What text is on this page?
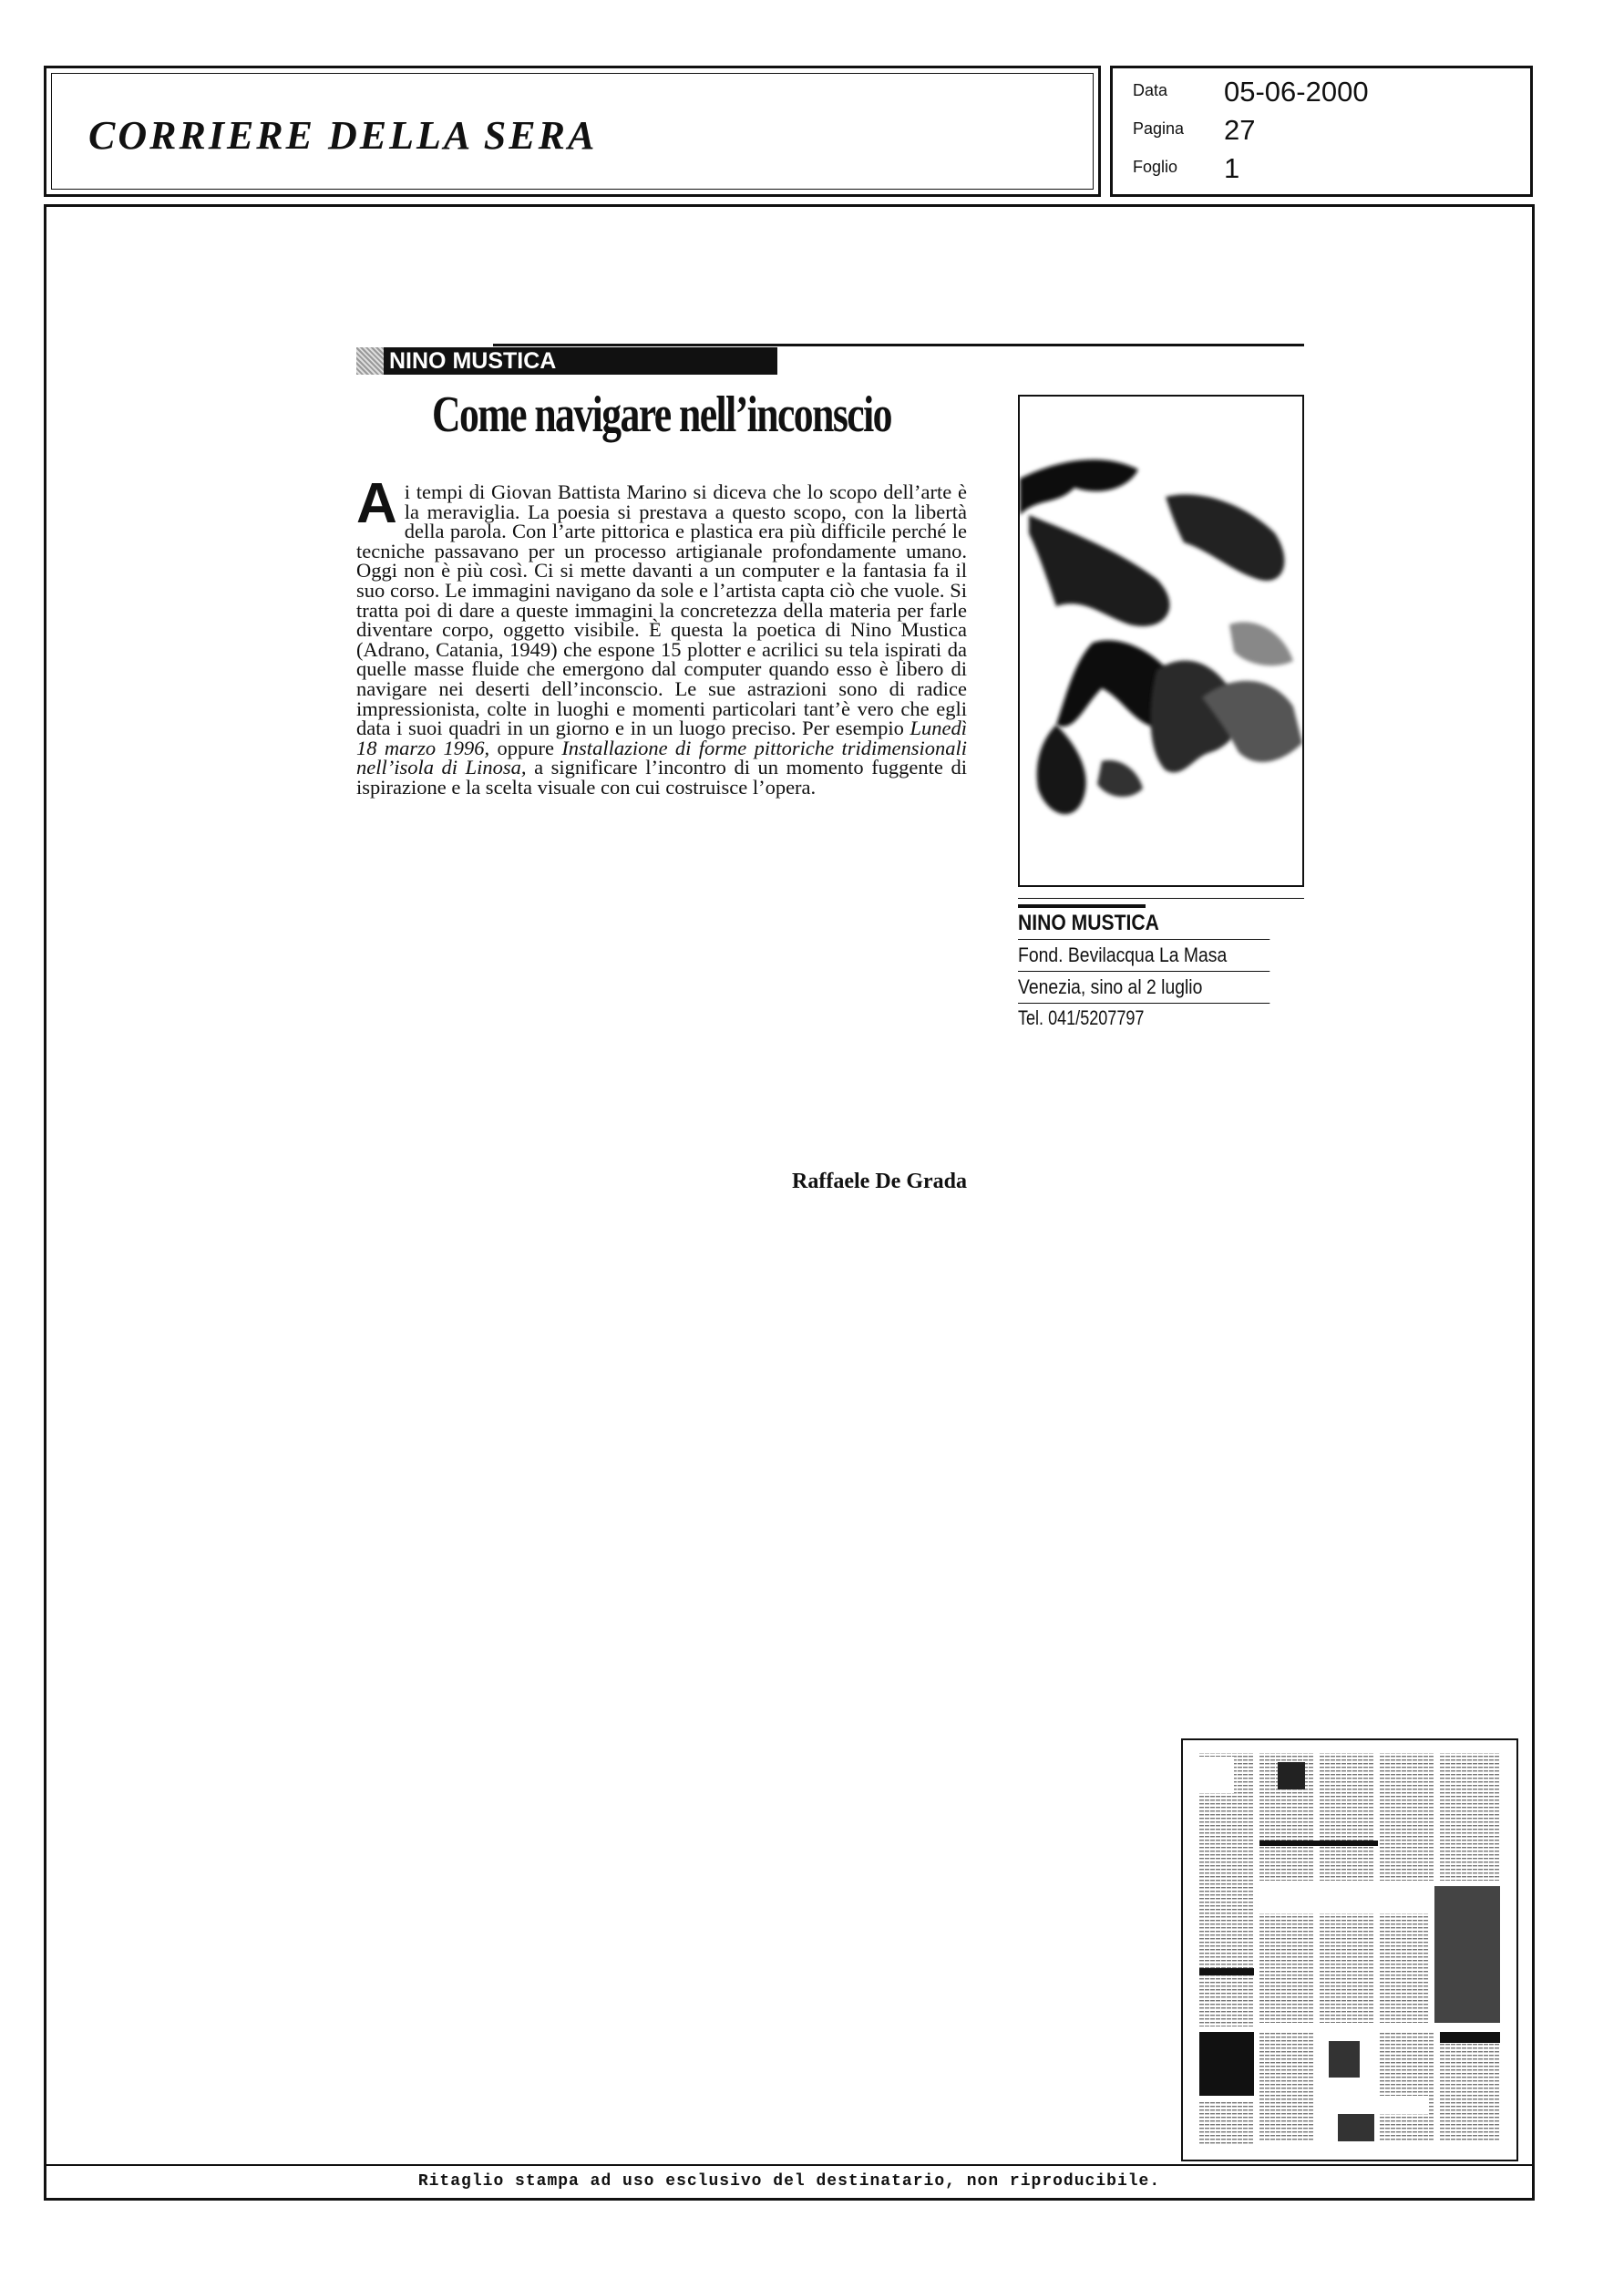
CORRIERE DELLA SERA
Data 05-06-2000
Pagina 27
Foglio 1
NINO MUSTICA
Come navigare nell’inconscio
A i tempi di Giovan Battista Marino si diceva che lo scopo dell’arte è la meraviglia. La poesia si prestava a questo scopo, con la libertà della parola. Con l’arte pittorica e plastica era più difficile perché le tecniche passavano per un processo artigianale profondamente umano. Oggi non è più così. Ci si mette davanti a un computer e la fantasia fa il suo corso. Le immagini navigano da sole e l’artista capta ciò che vuole. Si tratta poi di dare a queste immagini la concretezza della materia per farle diventare corpo, oggetto visibile. È questa la poetica di Nino Mustica (Adrano, Catania, 1949) che espone 15 plotter e acrilici su tela ispirati da quelle masse fluide che emergono dal computer quando esso è libero di navigare nei deserti dell’inconscio. Le sue astrazioni sono di radice impressionista, colte in luoghi e momenti particolari tant’è vero che egli data i suoi quadri in un giorno e in un luogo preciso. Per esempio Lunedì 18 marzo 1996, oppure Installazione di forme pittoriche tridimensionali nell’isola di Linosa, a significare l’incontro di un momento fuggente di ispirazione e la scelta visuale con cui costruisce l’opera.

Raffaele De Grada
NINO MUSTICA
Fond. Bevilacqua La Masa
Venezia, sino al 2 luglio
Tel. 041/5207797
Ritaglio stampa ad uso esclusivo del destinatario, non riproducibile.
